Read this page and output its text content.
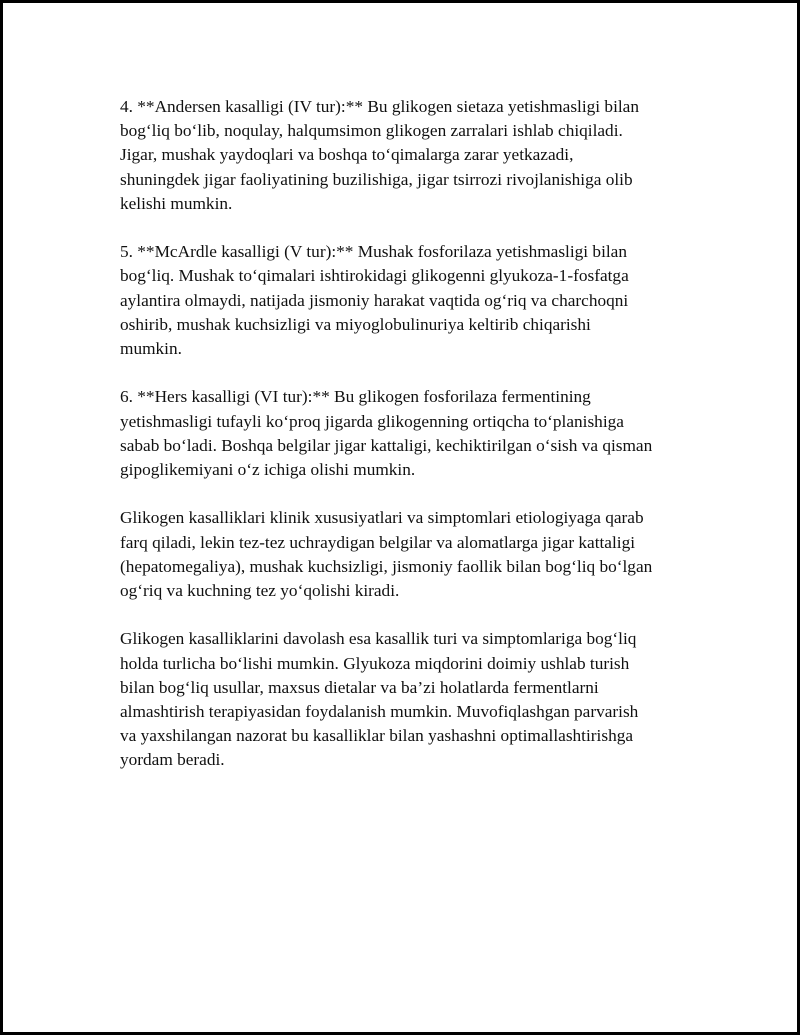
4. **Andersen kasalligi (IV tur):** Bu glikogen sietaza yetishmasligi bilan
bog‘liq bo‘lib, noqulay, halqumsimon glikogen zarralari ishlab chiqiladi.
Jigar, mushak yaydoqlari va boshqa to‘qimalarga zarar yetkazadi,
shuningdek jigar faoliyatining buzilishiga, jigar tsirrozi rivojlanishiga olib
kelishi mumkin.

5. **McArdle kasalligi (V tur):** Mushak fosforilaza yetishmasligi bilan
bog‘liq. Mushak to‘qimalari ishtirokidagi glikogenni glyukoza-1-fosfatga
aylantira olmaydi, natijada jismoniy harakat vaqtida og‘riq va charchoqni
oshirib, mushak kuchsizligi va miyoglobulinuriya keltirib chiqarishi
mumkin.

6. **Hers kasalligi (VI tur):** Bu glikogen fosforilaza fermentining
yetishmasligi tufayli ko‘proq jigarda glikogenning ortiqcha to‘planishiga
sabab bo‘ladi. Boshqa belgilar jigar kattaligi, kechiktirilgan o‘sish va qisman
gipoglikemiyani o‘z ichiga olishi mumkin.

Glikogen kasalliklari klinik xususiyatlari va simptomlari etiologiyaga qarab
farq qiladi, lekin tez-tez uchraydigan belgilar va alomatlarga jigar kattaligi
(hepatomegaliya), mushak kuchsizligi, jismoniy faollik bilan bog‘liq bo‘lgan
og‘riq va kuchning tez yo‘qolishi kiradi.

Glikogen kasalliklarini davolash esa kasallik turi va simptomlariga bog‘liq
holda turlicha bo‘lishi mumkin. Glyukoza miqdorini doimiy ushlab turish
bilan bog‘liq usullar, maxsus dietalar va ba’zi holatlarda fermentlarni
almashtirish terapiyasidan foydalanish mumkin. Muvofiqlashgan parvarish
va yaxshilangan nazorat bu kasalliklar bilan yashashni optimallashtirishga
yordam beradi.
